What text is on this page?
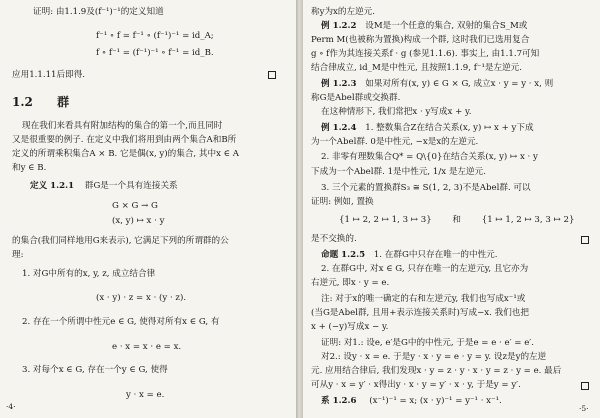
证明: 由1.1.9及(f⁻¹)⁻¹的定义知道
f⁻¹ ∘ f = f⁻¹ ∘ (f⁻¹)⁻¹ = id_A;
f ∘ f⁻¹ = (f⁻¹)⁻¹ ∘ f⁻¹ = id_B.
应用1.1.11后即得.
1.2 群
现在我们来看具有附加结构的集合的第一个,而且同时
又是很重要的例子. 在定义中我们将用到由两个集合A和B所
定义的所谓乘积集合A × B. 它是偶(x, y)的集合, 其中x ∈ A
和y ∈ B.
定义 1.2.1 群G是一个具有连接关系
G × G → G
(x, y) ↦ x · y
的集合(我们同样地用G来表示), 它满足下列的所谓群的公
理:
1. 对G中所有的x, y, z, 成立结合律
(x · y) · z = x · (y · z).
2. 存在一个所谓中性元e ∈ G, 使得对所有x ∈ G, 有
e · x = x · e = x.
3. 对每个x ∈ G, 存在一个y ∈ G, 使得
y · x = e.
·4·
称y为x的左逆元.
例 1.2.2 设M是一个任意的集合, 双射的集合S_M或
Perm M(也被称为置换)构成一个群, 这时我们已选用复合
g ∘ f作为其连接关系f · g (参见1.1.6). 事实上, 由1.1.7可知
结合律成立, id_M是中性元, 且按照1.1.9, f⁻¹是左逆元.
例 1.2.3 如果对所有(x, y) ∈ G × G, 成立x · y = y · x, 则
称G是Abel群或交换群.
在这种情形下, 我们常把x · y写成x + y.
例 1.2.4 1. 整数集合Z在结合关系(x, y) ↦ x + y下成
为一个Abel群. 0是中性元, −x是x的左逆元.
2. 非零有理数集合Q* = Q\{0}在结合关系(x, y) ↦ x · y
下成为一个Abel群. 1是中性元, 1/x 是左逆元.
3. 三个元素的置换群S₃ ≅ S(1, 2, 3)不是Abel群. 可以
证明: 例如, 置换
{1 ↦ 2, 2 ↦ 1, 3 ↦ 3} 和 {1 ↦ 1, 2 ↦ 3, 3 ↦ 2}
是不交换的.
命题 1.2.5 1. 在群G中只存在唯一的中性元.
2. 在群G中, 对x ∈ G, 只存在唯一的左逆元y, 且它亦为
右逆元, 即x · y = e.
注: 对于x的唯一确定的右和左逆元y, 我们也写成x⁻¹或
(当G是Abel群, 且用+表示连接关系时)写成−x. 我们也把
x + (−y)写成x − y.
证明: 对1.: 设e, e′是G中的中性元, 于是e = e · e′ = e′.
对2.: 设y · x = e. 于是y · x · y = e · y = y. 设z是y的左逆
元. 应用结合律后, 我们发现x · y = z · y · x · y = z · y = e. 最后
可从y · x = y′ · x得出y · x · y = y′ · x · y, 于是y = y′.
系 1.2.6 (x⁻¹)⁻¹ = x; (x · y)⁻¹ = y⁻¹ · x⁻¹.
·5·
